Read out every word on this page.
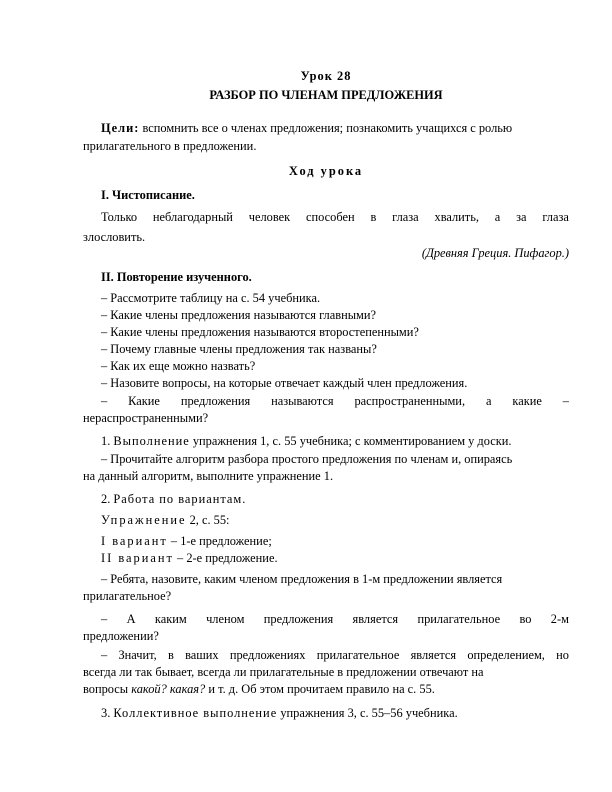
Урок 28
РАЗБОР ПО ЧЛЕНАМ ПРЕДЛОЖЕНИЯ
Цели: вспомнить все о членах предложения; познакомить учащихся с ролью
прилагательного в предложении.
Ход урока
I. Чистописание.
Только неблагодарный человек способен в глаза хвалить, а за глаза
злословить.
(Древняя Греция. Пифагор.)
II. Повторение изученного.
– Рассмотрите таблицу на с. 54 учебника.
– Какие члены предложения называются главными?
– Какие члены предложения называются второстепенными?
– Почему главные члены предложения так названы?
– Как их еще можно назвать?
– Назовите вопросы, на которые отвечает каждый член предложения.
– Какие предложения называются распространенными, а какие –
нераспространенными?
1. Выполнение упражнения 1, с. 55 учебника; с комментированием у доски.
– Прочитайте алгоритм разбора простого предложения по членам и, опираясь
на данный алгоритм, выполните упражнение 1.
2. Работа по вариантам.
Упражнение 2, с. 55:
I вариант – 1-е предложение;
II вариант – 2-е предложение.
– Ребята, назовите, каким членом предложения в 1-м предложении является
прилагательное?
– А каким членом предложения является прилагательное во 2-м
предложении?
– Значит, в ваших предложениях прилагательное является определением, но
всегда ли так бывает, всегда ли прилагательные в предложении отвечают на
вопросы какой? какая? и т. д. Об этом прочитаем правило на с. 55.
3. Коллективное выполнение упражнения 3, с. 55–56 учебника.
